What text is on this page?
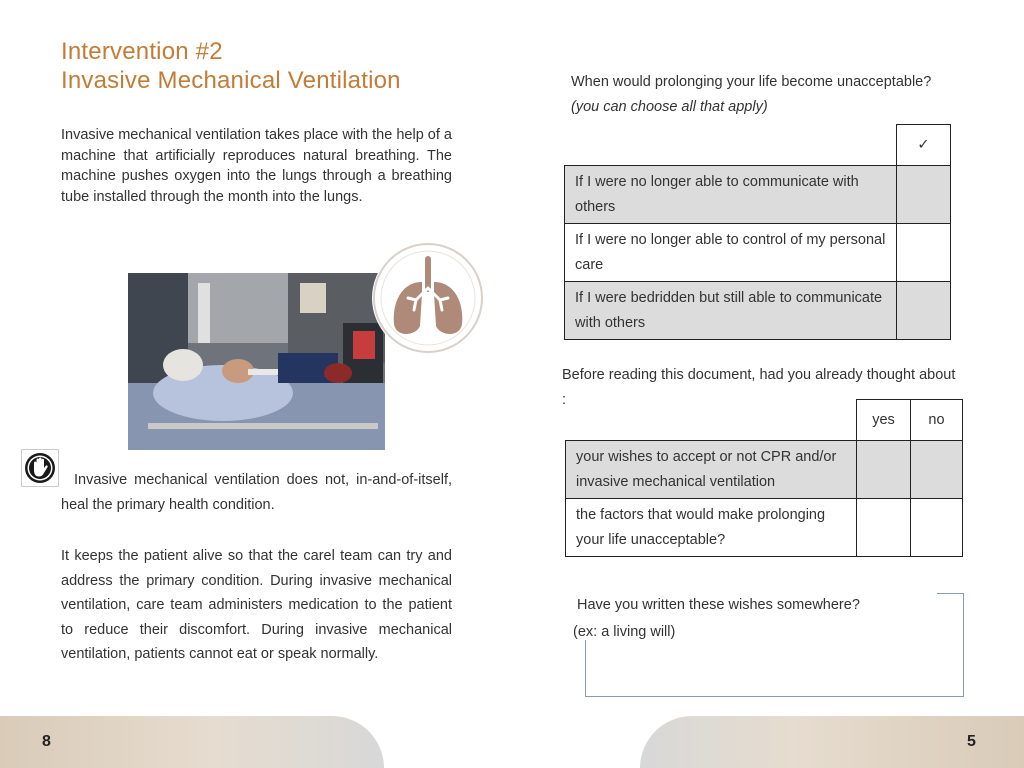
Intervention #2
Invasive Mechanical Ventilation
Invasive mechanical ventilation takes place with the help of a machine that artificially reproduces natural breathing. The machine pushes oxygen into the lungs through a breathing tube installed through the month into the lungs.
Invasive mechanical ventilation does not, in-and-of-itself, heal the primary health condition.
It keeps the patient alive so that the carel team can try and address the primary condition. During invasive mechanical ventilation, care team administers medication to the patient to reduce their discomfort. During invasive mechanical ventilation, patients cannot eat or speak normally.
When would prolonging your life become unacceptable?
(you can choose all that apply)
	✓
If I were no longer able to communicate with others	
If I were no longer able to control of my personal care	
If I were bedridden but still able to communicate with others	
Before reading this document, had you already thought about :
	yes	no
your wishes to accept or not CPR and/or invasive mechanical ventilation		
the factors that would make prolonging your life unacceptable?		
Have you written these wishes somewhere?
(ex: a living will)
8	5
